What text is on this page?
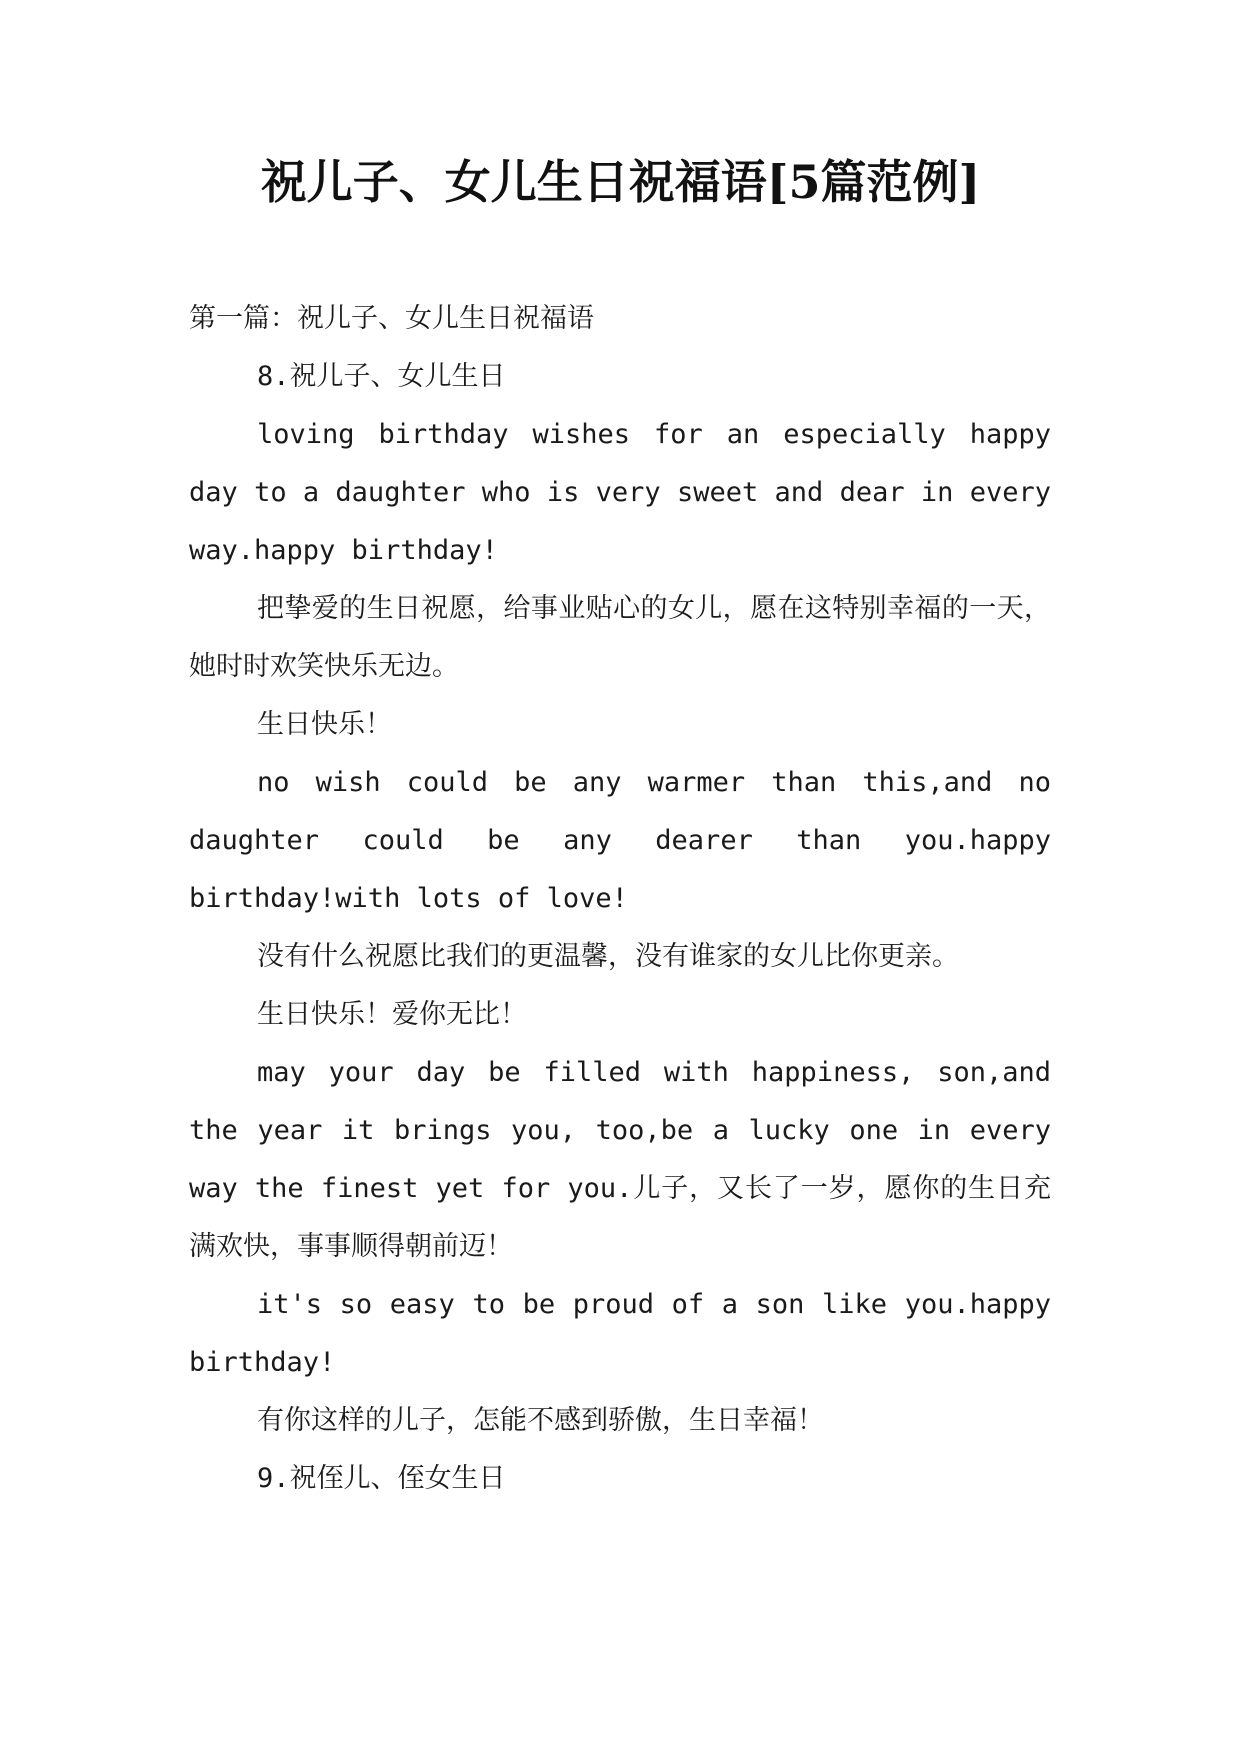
祝儿子、女儿生日祝福语[5篇范例]

第一篇：祝儿子、女儿生日祝福语

8.祝儿子、女儿生日

loving birthday wishes for an especially happy day to a daughter who is very sweet and dear in every way.happy birthday!

把挚爱的生日祝愿，给事业贴心的女儿，愿在这特别幸福的一天，她时时欢笑快乐无边。

生日快乐！

no wish could be any warmer than this,and no daughter could be any dearer than you.happy birthday!with lots of love!

没有什么祝愿比我们的更温馨，没有谁家的女儿比你更亲。

生日快乐！爱你无比！

may your day be filled with happiness, son,and the year it brings you, too,be a lucky one in every way the finest yet for you.儿子，又长了一岁，愿你的生日充满欢快，事事顺得朝前迈！

it's so easy to be proud of a son like you.happy birthday!

有你这样的儿子，怎能不感到骄傲，生日幸福！

9.祝侄儿、侄女生日
